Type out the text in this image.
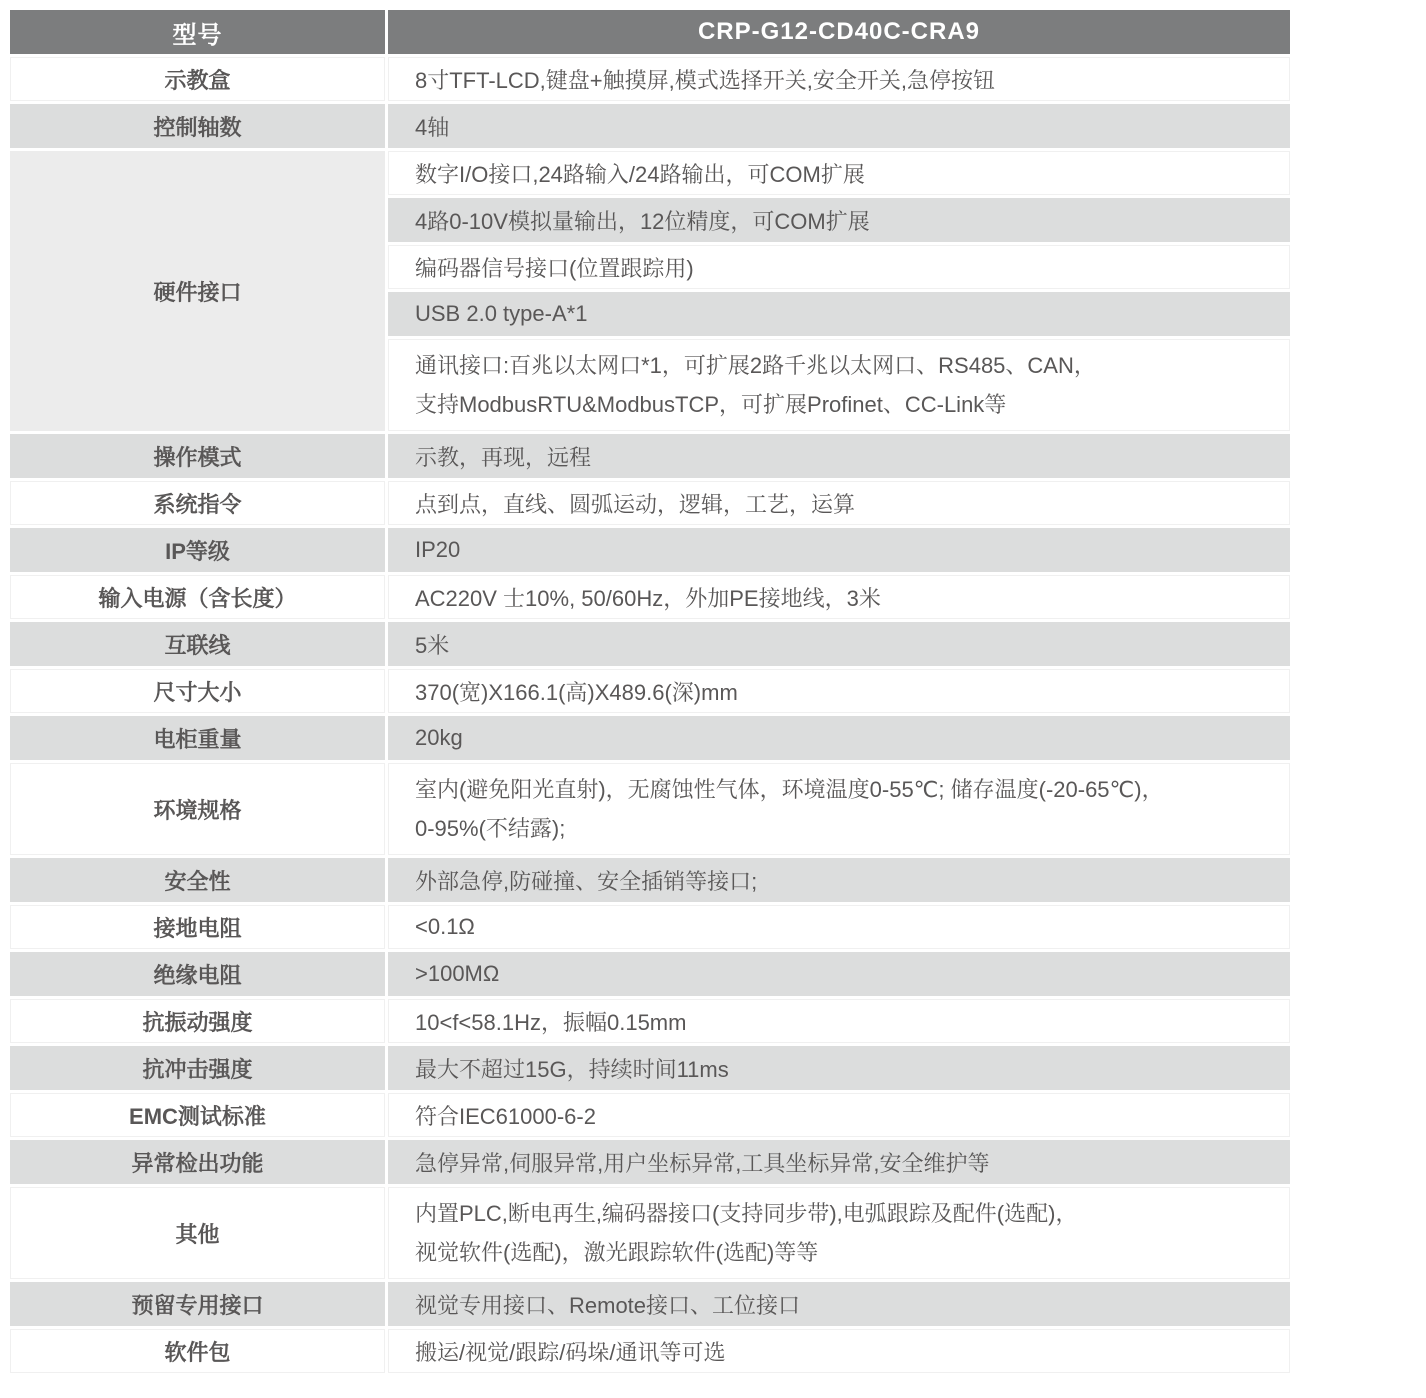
型号	CRP-G12-CD40C-CRA9
示教盒	8寸TFT-LCD,键盘+触摸屏,模式选择开关,安全开关,急停按钮
控制轴数	4轴
硬件接口	数字I/O接口,24路输入/24路输出，可COM扩展
	4路0-10V模拟量输出，12位精度，可COM扩展
	编码器信号接口(位置跟踪用)
	USB 2.0 type-A*1

	通讯接口:百兆以太网口*1，可扩展2路千兆以太网口、RS485、CAN，
支持ModbusRTU&ModbusTCP，可扩展Profinet、CC-Link等

操作模式	示教，再现，远程
系统指令	点到点，直线、圆弧运动，逻辑，工艺，运算
IP等级	IP20
输入电源（含长度）	AC220V 士10%, 50/60Hz，外加PE接地线，3米
互联线	5米
尺寸大小	370(宽)X166.1(高)X489.6(深)mm
电柜重量	20kg
环境规格	室内(避免阳光直射)，无腐蚀性气体，环境温度0-55℃; 储存温度(-20-65℃)，
0-95%(不结露);

安全性	外部急停,防碰撞、安全插销等接口;
接地电阻	<0.1Ω
绝缘电阻	>100MΩ
抗振动强度	10<f<58.1Hz，振幅0.15mm
抗冲击强度	最大不超过15G，持续时间11ms
EMC测试标准	符合IEC61000-6-2
异常检出功能	急停异常,伺服异常,用户坐标异常,工具坐标异常,安全维护等
其他	内置PLC,断电再生,编码器接口(支持同步带),电弧跟踪及配件(选配)，
视觉软件(选配)，激光跟踪软件(选配)等等

预留专用接口	视觉专用接口、Remote接口、工位接口
软件包	搬运/视觉/跟踪/码垛/通讯等可选
